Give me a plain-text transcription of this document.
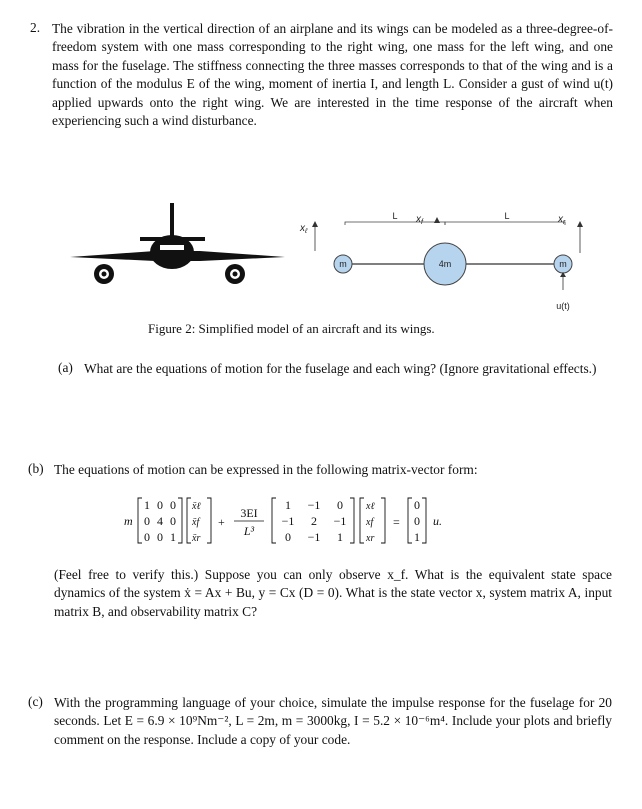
2. The vibration in the vertical direction of an airplane and its wings can be modeled as a three-degree-of-freedom system with one mass corresponding to the right wing, one mass for the left wing, and one mass for the fuselage. The stiffness connecting the three masses corresponds to that of the wing and is a function of the modulus E of the wing, moment of inertia I, and length L. Consider a gust of wind u(t) applied upwards onto the right wing. We are interested in the time response of the aircraft when experiencing such a wind disturbance.

L	L
$x_\ell$
$x_f$	$x_r$
m	4m	m
u(t)
Figure 2: Simplified model of an aircraft and its wings.
(a) What are the equations of motion for the fuselage and each wing? (Ignore gravitational effects.)

(b) The equations of motion can be expressed in the following matrix-vector form:

m
1 0 0
0 4 0
0 0 1
ẍℓ
ẍf
ẍr
+
3EI
L³
1 −1 0
−1 2 −1
0 −1 1
xℓ
xf
xr
=
0
0
1
u.

(Feel free to verify this.) Suppose you can only observe x_f. What is the equivalent state space dynamics of the system ẋ = Ax + Bu, y = Cx (D = 0). What is the state vector x, system matrix A, input matrix B, and observability matrix C?

(c) With the programming language of your choice, simulate the impulse response for the fuselage for 20 seconds. Let E = 6.9 × 10⁹Nm⁻², L = 2m, m = 3000kg, I = 5.2 × 10⁻⁶m⁴. Include your plots and briefly comment on the response. Include a copy of your code.
